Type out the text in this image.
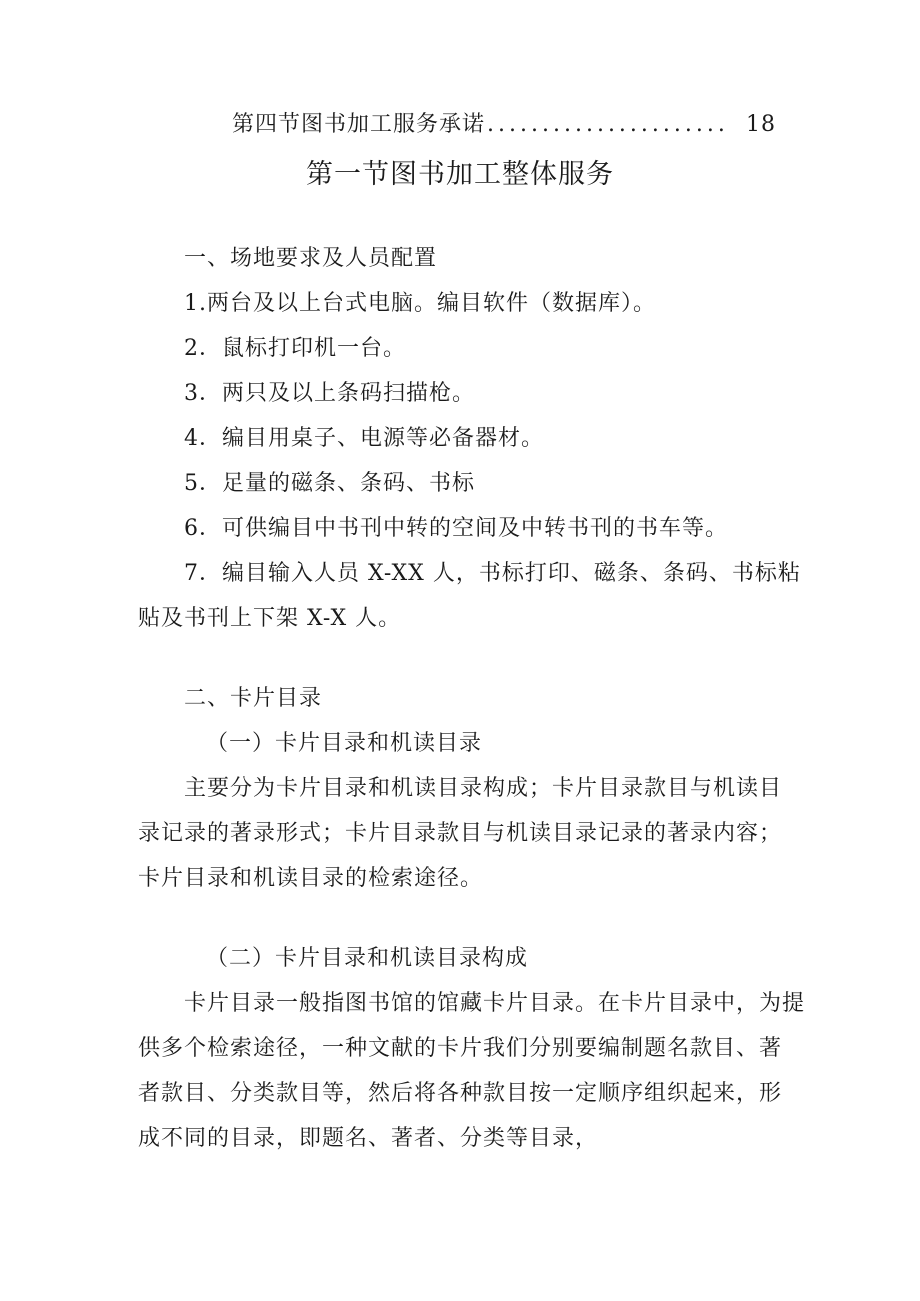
第四节图书加工服务承诺 ...................... 18
第一节图书加工整体服务
一、场地要求及人员配置
1.两台及以上台式电脑。编目软件（数据库）。
2．鼠标打印机一台。
3．两只及以上条码扫描枪。
4．编目用桌子、电源等必备器材。
5．足量的磁条、条码、书标
6．可供编目中书刊中转的空间及中转书刊的书车等。
7．编目输入人员 X-XX 人，书标打印、磁条、条码、书标粘
贴及书刊上下架 X-X 人。
二、卡片目录
（一）卡片目录和机读目录
主要分为卡片目录和机读目录构成；卡片目录款目与机读目
录记录的著录形式；卡片目录款目与机读目录记录的著录内容；
卡片目录和机读目录的检索途径。
（二）卡片目录和机读目录构成
卡片目录一般指图书馆的馆藏卡片目录。在卡片目录中，为提
供多个检索途径，一种文献的卡片我们分别要编制题名款目、著
者款目、分类款目等，然后将各种款目按一定顺序组织起来，形
成不同的目录，即题名、著者、分类等目录，
